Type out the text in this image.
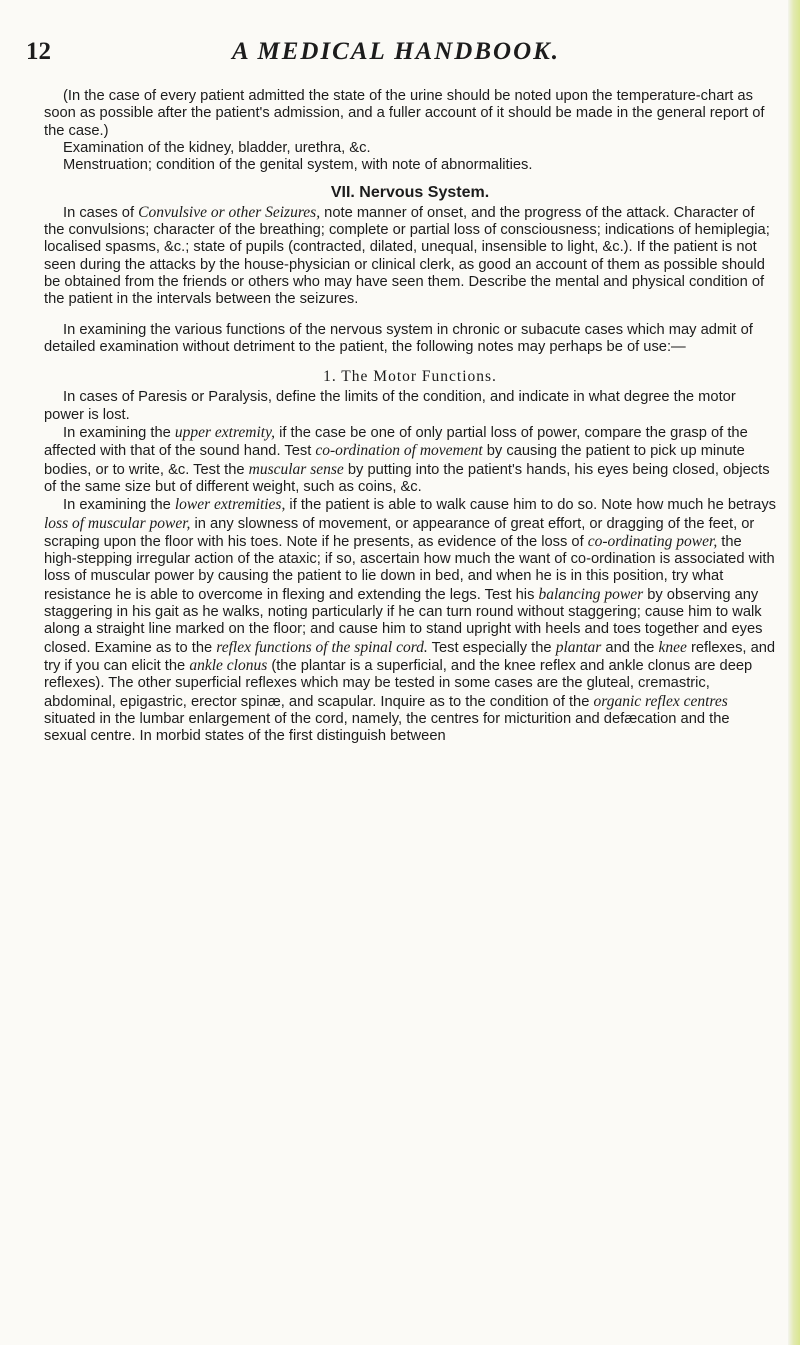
12	A MEDICAL HANDBOOK.

(In the case of every patient admitted the state of the urine should be noted upon the temperature-chart as soon as possible after the patient's admission, and a fuller account of it should be made in the general report of the case.)

Examination of the kidney, bladder, urethra, &c.

Menstruation; condition of the genital system, with note of abnormalities.

VII. Nervous System.

In cases of Convulsive or other Seizures, note manner of onset, and the progress of the attack. Character of the convulsions; character of the breathing; complete or partial loss of consciousness; indications of hemiplegia; localised spasms, &c.; state of pupils (contracted, dilated, unequal, insensible to light, &c.). If the patient is not seen during the attacks by the house-physician or clinical clerk, as good an account of them as possible should be obtained from the friends or others who may have seen them. Describe the mental and physical condition of the patient in the intervals between the seizures.

In examining the various functions of the nervous system in chronic or subacute cases which may admit of detailed examination without detriment to the patient, the following notes may perhaps be of use:—

1. The Motor Functions.

In cases of Paresis or Paralysis, define the limits of the condition, and indicate in what degree the motor power is lost.

In examining the upper extremity, if the case be one of only partial loss of power, compare the grasp of the affected with that of the sound hand. Test co-ordination of movement by causing the patient to pick up minute bodies, or to write, &c. Test the muscular sense by putting into the patient's hands, his eyes being closed, objects of the same size but of different weight, such as coins, &c.

In examining the lower extremities, if the patient is able to walk cause him to do so. Note how much he betrays loss of muscular power, in any slowness of movement, or appearance of great effort, or dragging of the feet, or scraping upon the floor with his toes. Note if he presents, as evidence of the loss of co-ordinating power, the high-stepping irregular action of the ataxic; if so, ascertain how much the want of co-ordination is associated with loss of muscular power by causing the patient to lie down in bed, and when he is in this position, try what resistance he is able to overcome in flexing and extending the legs. Test his balancing power by observing any staggering in his gait as he walks, noting particularly if he can turn round without staggering; cause him to walk along a straight line marked on the floor; and cause him to stand upright with heels and toes together and eyes closed. Examine as to the reflex functions of the spinal cord. Test especially the plantar and the knee reflexes, and try if you can elicit the ankle clonus (the plantar is a superficial, and the knee reflex and ankle clonus are deep reflexes). The other superficial reflexes which may be tested in some cases are the gluteal, cremastric, abdominal, epigastric, erector spinæ, and scapular. Inquire as to the condition of the organic reflex centres situated in the lumbar enlargement of the cord, namely, the centres for micturition and defæcation and the sexual centre. In morbid states of the first distinguish between
